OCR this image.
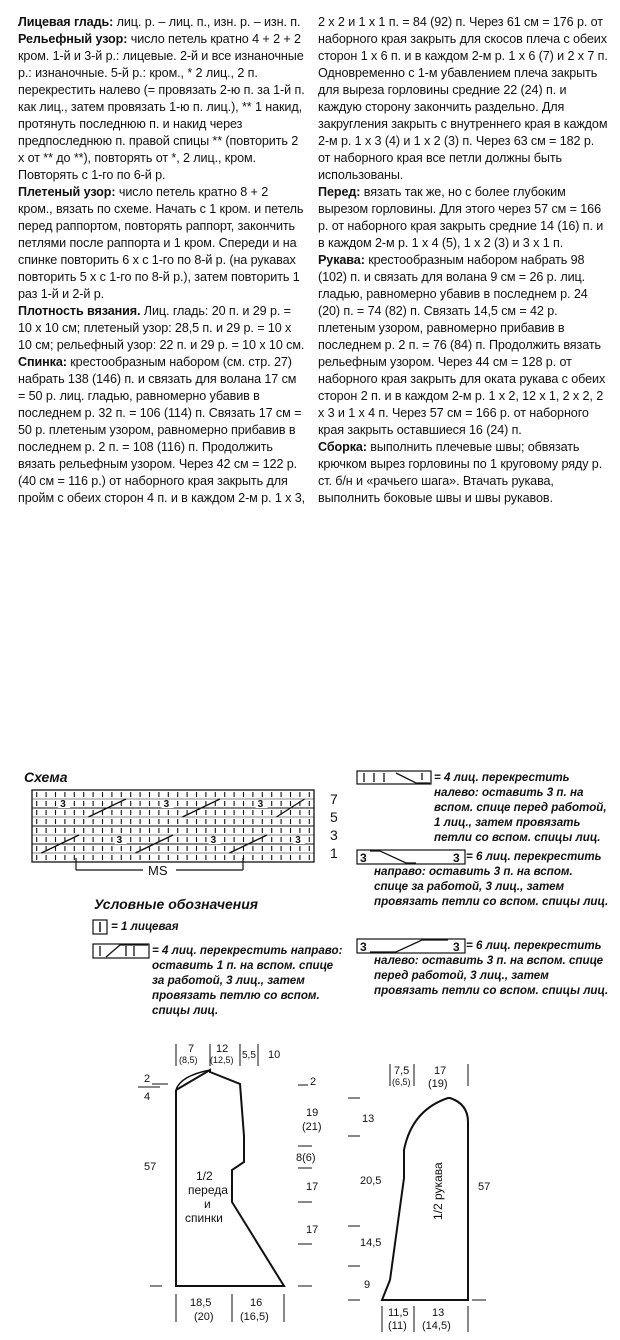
Лицевая гладь: лиц. р. – лиц. п., изн. р. – изн. п.

Рельефный узор: число петель кратно 4 + 2 + 2 кром. 1-й и 3-й р.: лицевые. 2-й и все изнаночные р.: изнаночные. 5-й р.: кром., * 2 лиц., 2 п. перекрестить налево (= провязать 2-ю п. за 1-й п. как лиц., затем провязать 1-ю п. лиц.), ** 1 накид, протянуть последнюю п. и накид через предпоследнюю п. правой спицы ** (повторить 2 х от ** до **), повторять от *, 2 лиц., кром. Повторять с 1-го по 6-й р.

Плетеный узор: число петель кратно 8 + 2 кром., вязать по схеме. Начать с 1 кром. и петель перед раппортом, повторять раппорт, закончить петлями после раппорта и 1 кром. Спереди и на спинке повторить 6 х с 1-го по 8-й р. (на рукавах повторить 5 х с 1-го по 8-й р.), затем повторить 1 раз 1-й и 2-й р.

Плотность вязания. Лиц. гладь: 20 п. и 29 р. = 10 х 10 см; плетеный узор: 28,5 п. и 29 р. = 10 х 10 см; рельефный узор: 22 п. и 29 р. = 10 х 10 см.

Спинка: крестообразным набором (см. стр. 27) набрать 138 (146) п. и связать для волана 17 см = 50 р. лиц. гладью, равномерно убавив в последнем р. 32 п. = 106 (114) п. Связать 17 см = 50 р. плетеным узором, равномерно прибавив в последнем р. 2 п. = 108 (116) п. Продолжить вязать рельефным узором. Через 42 см = 122 р. (40 см = 116 р.) от наборного края закрыть для пройм с обеих сторон 4 п. и в каждом 2-м р. 1 х 3,

2 х 2 и 1 х 1 п. = 84 (92) п. Через 61 см = 176 р. от наборного края закрыть для скосов плеча с обеих сторон 1 х 6 п. и в каждом 2-м р. 1 х 6 (7) и 2 х 7 п. Одновременно с 1-м убавлением плеча закрыть для выреза горловины средние 22 (24) п. и каждую сторону закончить раздельно. Для закругления закрыть с внутреннего края в каждом 2-м р. 1 х 3 (4) и 1 х 2 (3) п. Через 63 см = 182 р. от наборного края все петли должны быть использованы.

Перед: вязать так же, но с более глубоким вырезом горловины. Для этого через 57 см = 166 р. от наборного края закрыть средние 14 (16) п. и в каждом 2-м р. 1 х 4 (5), 1 х 2 (3) и 3 х 1 п.

Рукава: крестообразным набором набрать 98 (102) п. и связать для волана 9 см = 26 р. лиц. гладью, равномерно убавив в последнем р. 24 (20) п. = 74 (82) п. Связать 14,5 см = 42 р. плетеным узором, равномерно прибавив в последнем р. 2 п. = 76 (84) п. Продолжить вязать рельефным узором. Через 44 см = 128 р. от наборного края закрыть для оката рукава с обеих сторон 2 п. и в каждом 2-м р. 1 х 2, 12 х 1, 2 х 2, 2 х 3 и 1 х 4 п. Через 57 см = 166 р. от наборного края закрыть оставшиеся 16 (24) п.

Сборка: выполнить плечевые швы; обвязать крючком вырез горловины по 1 круговому ряду р. ст. б/н и «рачьего шага». Втачать рукава, выполнить боковые швы и швы рукавов.

Схема
3	3	3
3	3	3
7
5
3
1
MS
Условные обозначения
= 1 лицевая
= 4 лиц. перекрестить направо: оставить 1 п. на вспом. спице за работой, 3 лиц., затем провязать петлю со вспом. спицы лиц.
= 4 лиц. перекрестить налево: оставить 3 п. на вспом. спице перед работой, 1 лиц., затем провязать петли со вспом. спицы лиц.
3	3 = 6 лиц. перекрестить направо: оставить 3 п. на вспом. спице за работой, 3 лиц., затем провязать петли со вспом. спицы лиц.
3	3 = 6 лиц. перекрестить налево: оставить 3 п. на вспом. спице перед работой, 3 лиц., затем провязать петли со вспом. спицы лиц.
7
(8,5)
12
(12,5) 5,5 10
2
4
2
57
1/2
переда
и
спинки
19
(21)
8(6)
17
17
18,5
(20)
16
(16,5)
7,5
(6,5)
17
(19)
13
20,5
14,5
9
1/2 рукава	57
11,5
(11)
13
(14,5)
